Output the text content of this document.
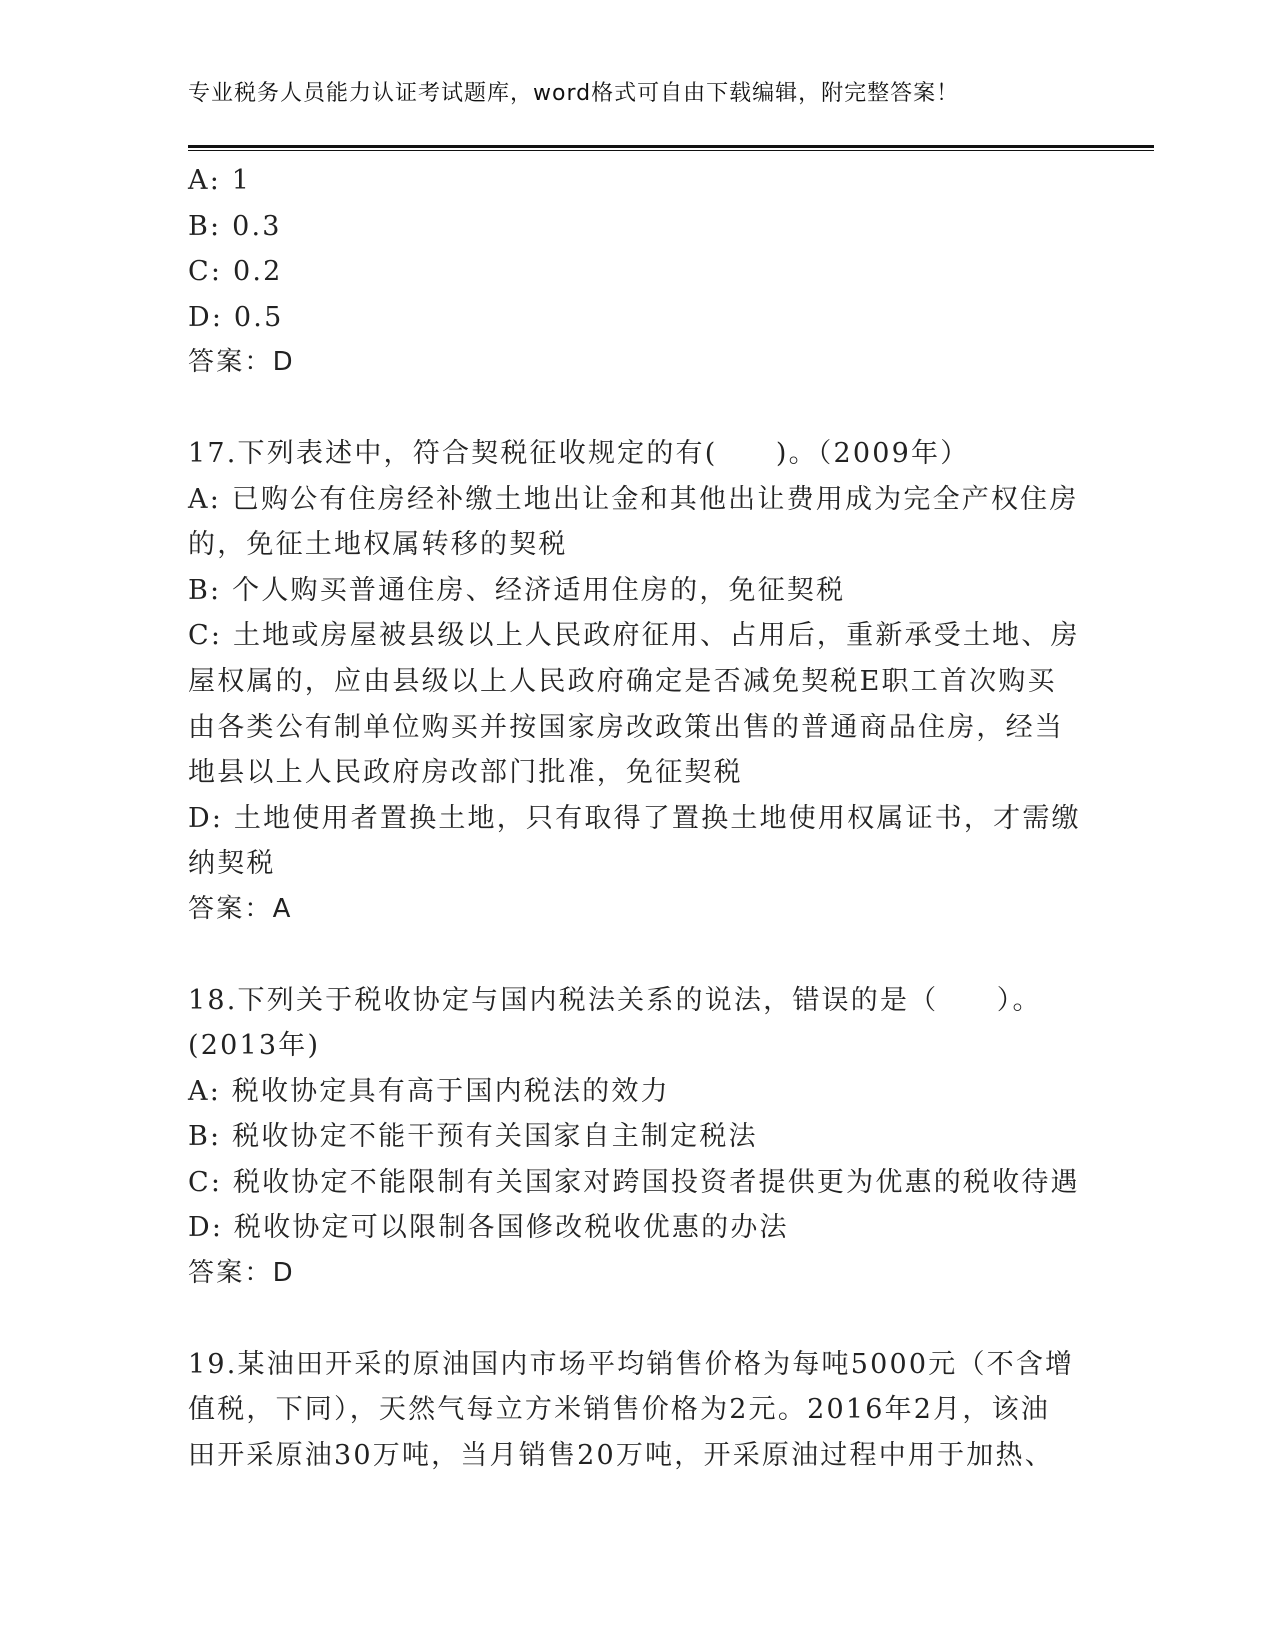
专业税务人员能力认证考试题库，word格式可自由下载编辑，附完整答案！
A: 1
B: 0.3
C: 0.2
D: 0.5
答案：D
17.下列表述中，符合契税征收规定的有(　　)。（2009年）
A: 已购公有住房经补缴土地出让金和其他出让费用成为完全产权住房
的，免征土地权属转移的契税
B: 个人购买普通住房、经济适用住房的，免征契税
C: 土地或房屋被县级以上人民政府征用、占用后，重新承受土地、房
屋权属的，应由县级以上人民政府确定是否减免契税E职工首次购买
由各类公有制单位购买并按国家房改政策出售的普通商品住房，经当
地县以上人民政府房改部门批准，免征契税
D: 土地使用者置换土地，只有取得了置换土地使用权属证书，才需缴
纳契税
答案：A
18.下列关于税收协定与国内税法关系的说法，错误的是（　　）。
(2013年)
A: 税收协定具有高于国内税法的效力
B: 税收协定不能干预有关国家自主制定税法
C: 税收协定不能限制有关国家对跨国投资者提供更为优惠的税收待遇
D: 税收协定可以限制各国修改税收优惠的办法
答案：D
19.某油田开采的原油国内市场平均销售价格为每吨5000元（不含增
值税，下同），天然气每立方米销售价格为2元。2016年2月，该油
田开采原油30万吨，当月销售20万吨，开采原油过程中用于加热、
